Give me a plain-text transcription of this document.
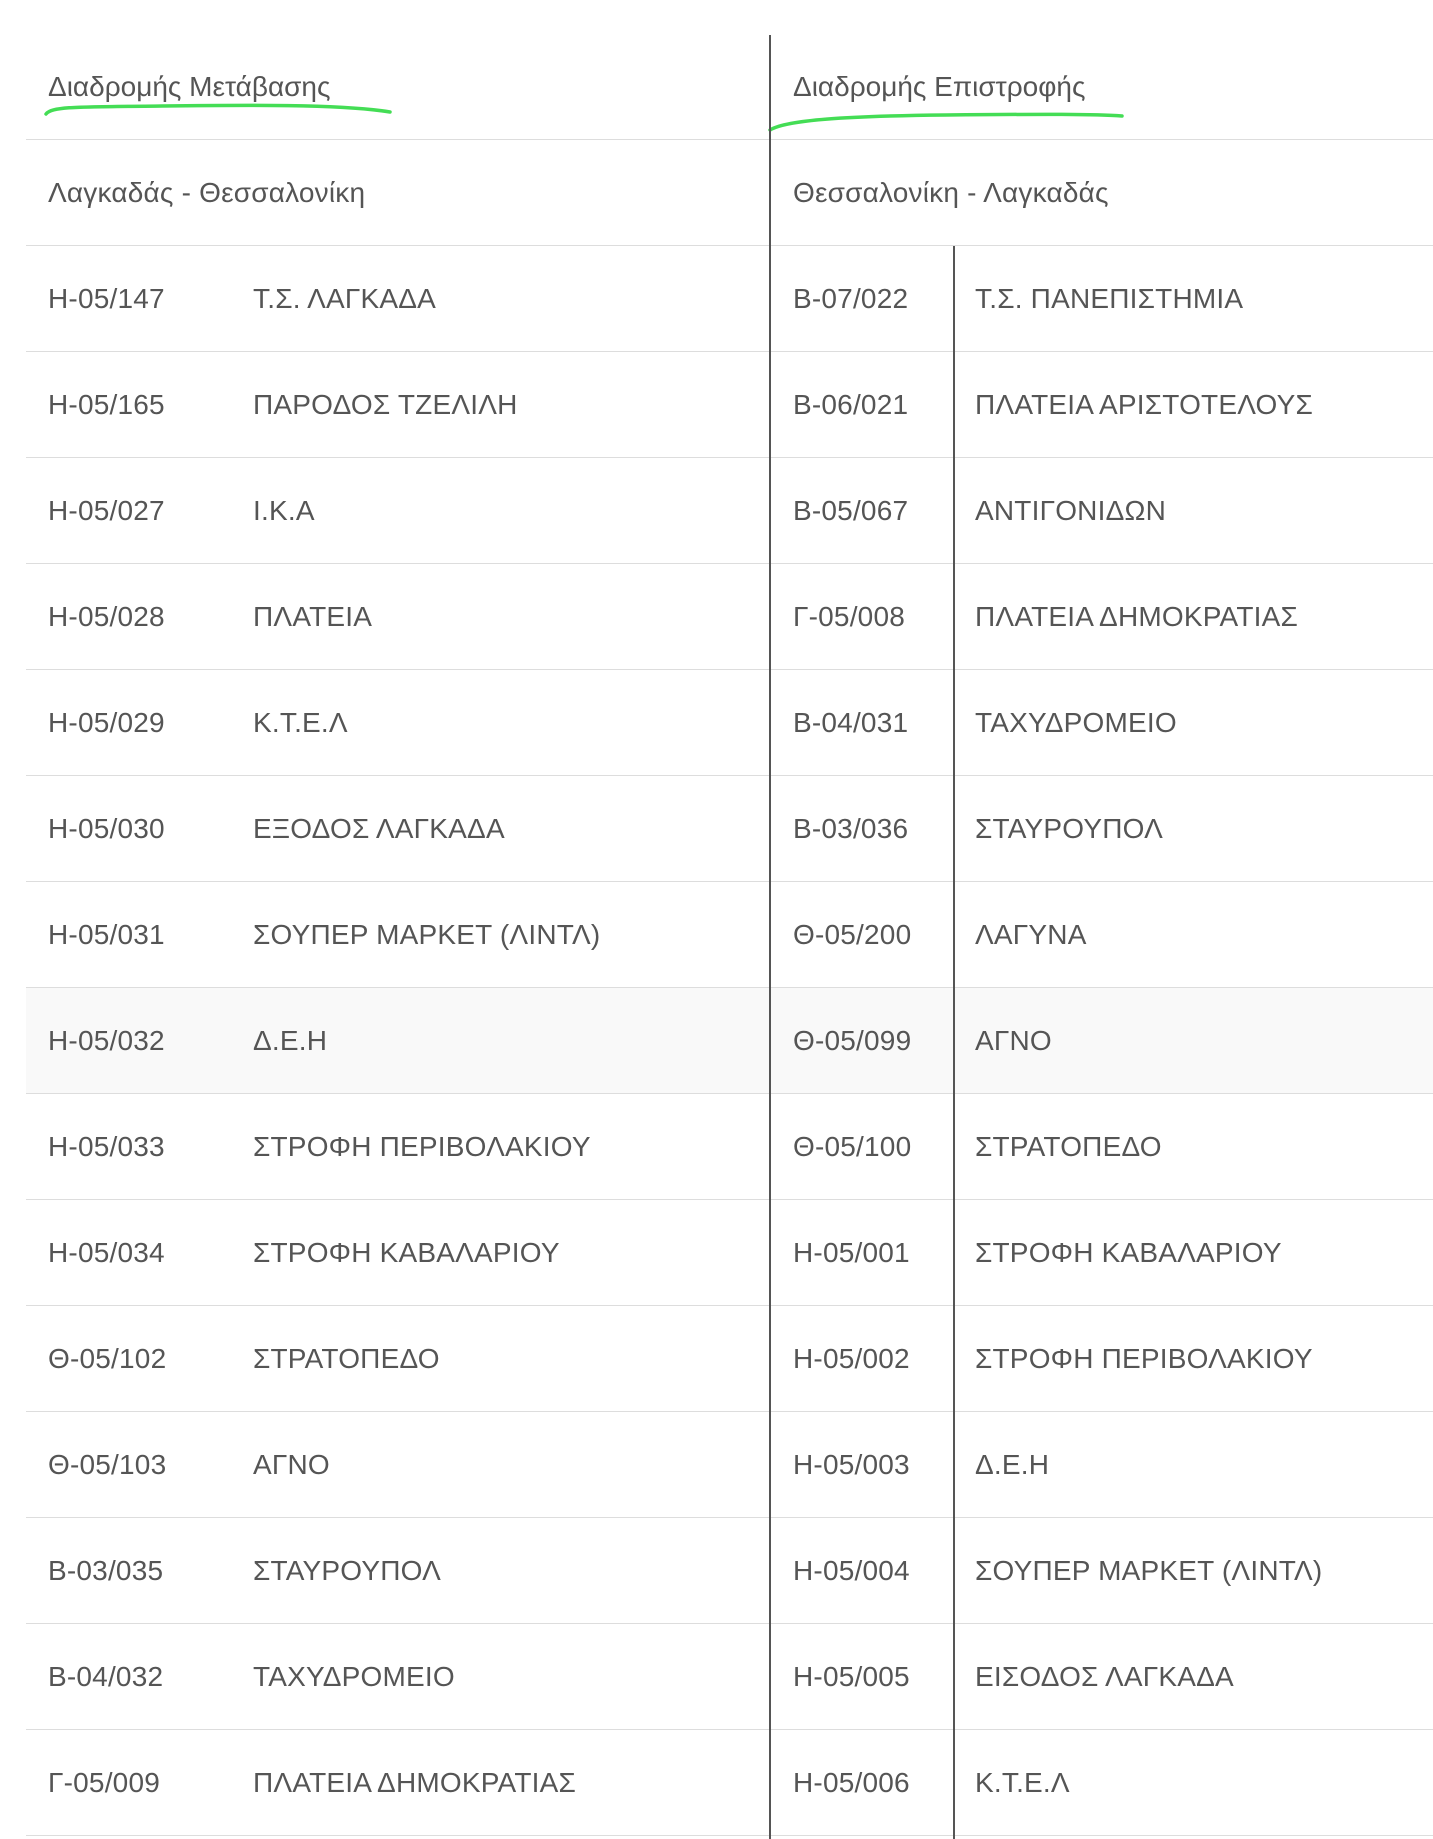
Διαδρομής Μετάβασης	Διαδρομής Επιστροφής
Λαγκαδάς - Θεσσαλονίκη	Θεσσαλονίκη - Λαγκαδάς
Η-05/147	Τ.Σ. ΛΑΓΚΑΔΑ	Β-07/022 Τ.Σ. ΠΑΝΕΠΙΣΤΗΜΙΑ
Η-05/165	ΠΑΡΟΔΟΣ ΤΖΕΛΙΛΗ	Β-06/021 ΠΛΑΤΕΙΑ ΑΡΙΣΤΟΤΕΛΟΥΣ
Η-05/027	Ι.Κ.Α	Β-05/067 ΑΝΤΙΓΟΝΙΔΩΝ
Η-05/028	ΠΛΑΤΕΙΑ	Γ-05/008	ΠΛΑΤΕΙΑ ΔΗΜΟΚΡΑΤΙΑΣ
Η-05/029	Κ.Τ.Ε.Λ	Β-04/031 ΤΑΧΥΔΡΟΜΕΙΟ
Η-05/030	ΕΞΟΔΟΣ ΛΑΓΚΑΔΑ	Β-03/036 ΣΤΑΥΡΟΥΠΟΛ
Η-05/031	ΣΟΥΠΕΡ ΜΑΡΚΕΤ (ΛΙΝΤΛ)	Θ-05/200 ΛΑΓΥΝΑ
Η-05/032	Δ.Ε.Η	Θ-05/099 ΑΓΝΟ
Η-05/033	ΣΤΡΟΦΗ ΠΕΡΙΒΟΛΑΚΙΟΥ	Θ-05/100 ΣΤΡΑΤΟΠΕΔΟ
Η-05/034	ΣΤΡΟΦΗ ΚΑΒΑΛΑΡΙΟΥ	Η-05/001 ΣΤΡΟΦΗ ΚΑΒΑΛΑΡΙΟΥ
Θ-05/102	ΣΤΡΑΤΟΠΕΔΟ	Η-05/002 ΣΤΡΟΦΗ ΠΕΡΙΒΟΛΑΚΙΟΥ
Θ-05/103	ΑΓΝΟ	Η-05/003 Δ.Ε.Η
Β-03/035	ΣΤΑΥΡΟΥΠΟΛ	Η-05/004 ΣΟΥΠΕΡ ΜΑΡΚΕΤ (ΛΙΝΤΛ)
Β-04/032	ΤΑΧΥΔΡΟΜΕΙΟ	Η-05/005 ΕΙΣΟΔΟΣ ΛΑΓΚΑΔΑ
Γ-05/009	ΠΛΑΤΕΙΑ ΔΗΜΟΚΡΑΤΙΑΣ	Η-05/006 Κ.Τ.Ε.Λ
